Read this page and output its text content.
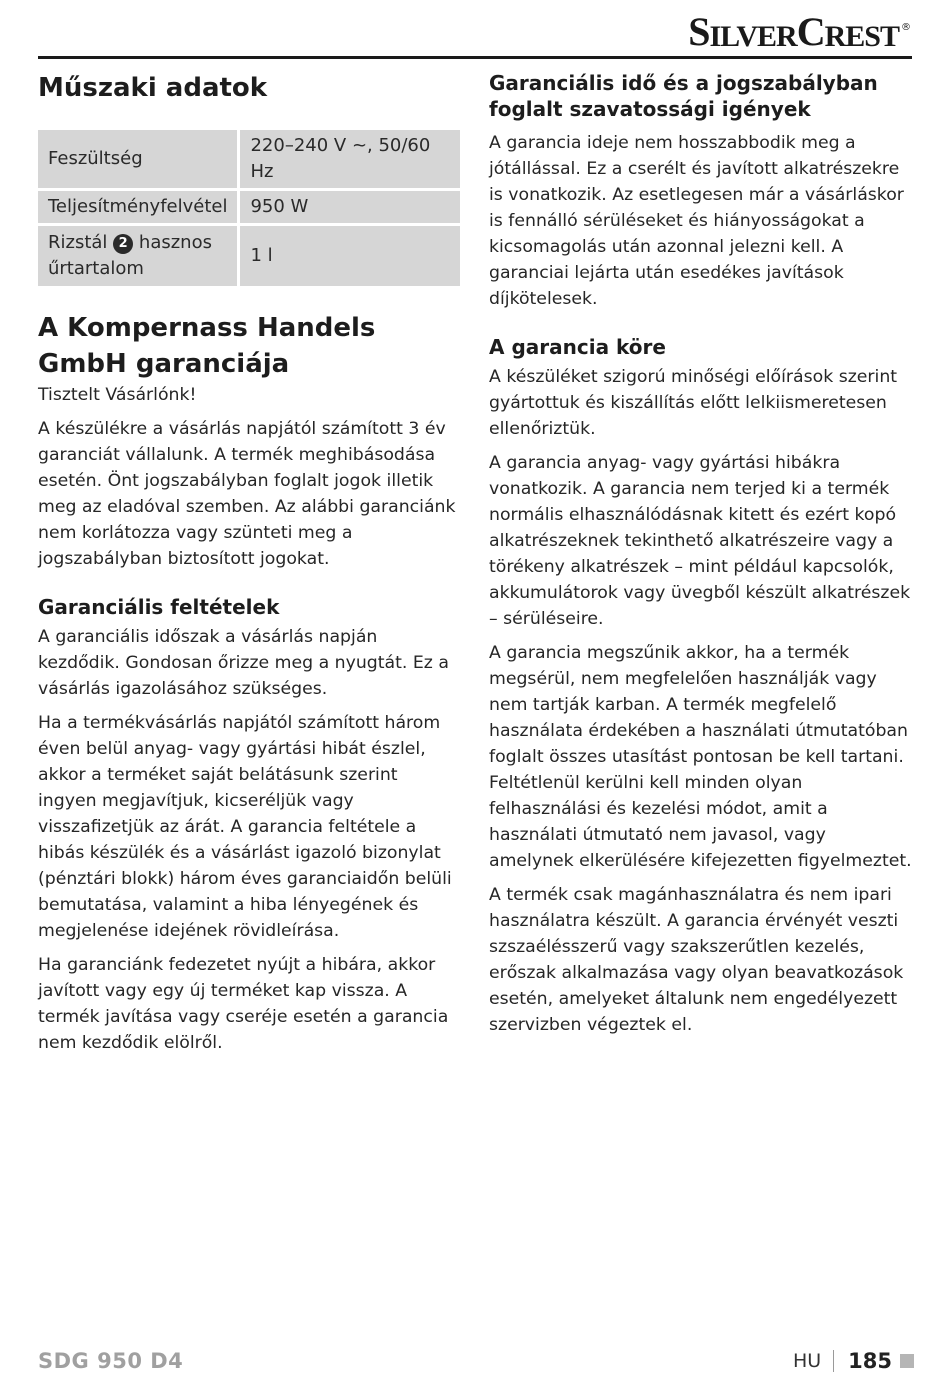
S ILVER C REST ®
Műszaki adatok
Feszültség	220–240 V ~, 50/60 Hz
Teljesítményfelvétel	950 W
Rizstál 2 hasznos űrtartalom	1 l
A Kompernass Handels GmbH garanciája

Tisztelt Vásárlónk!

A készülékre a vásárlás napjától számított 3 év garanciát vállalunk. A termék meghibásodása esetén. Önt jogszabályban foglalt jogok illetik meg az eladóval szemben. Az alábbi garanciánk nem korlátozza vagy szünteti meg a jogszabályban biztosított jogokat.

Garanciális feltételek

A garanciális időszak a vásárlás napján kezdődik. Gondosan őrizze meg a nyugtát. Ez a vásárlás igazolásához szükséges.

Ha a termékvásárlás napjától számított három éven belül anyag- vagy gyártási hibát észlel, akkor a terméket saját belátásunk szerint ingyen megjavítjuk, kicseréljük vagy visszafizetjük az árát. A garancia feltétele a hibás készülék és a vásárlást igazoló bizonylat (pénztári blokk) három éves garanciaidőn belüli bemutatása, valamint a hiba lényegének és megjelenése idejének rövidleírása.

Ha garanciánk fedezetet nyújt a hibára, akkor javított vagy egy új terméket kap vissza. A termék javítása vagy cseréje esetén a garancia nem kezdődik elölről.

Garanciális idő és a jogszabályban foglalt szavatossági igények

A garancia ideje nem hosszabbodik meg a jótállással. Ez a cserélt és javított alkatrészekre is vonatkozik. Az esetlegesen már a vásárláskor is fennálló sérüléseket és hiányosságokat a kicsomagolás után azonnal jelezni kell. A garanciai lejárta után esedékes javítások díjkötelesek.

A garancia köre

A készüléket szigorú minőségi előírások szerint gyártottuk és kiszállítás előtt lelkiismeretesen ellenőriztük.

A garancia anyag- vagy gyártási hibákra vonatkozik. A garancia nem terjed ki a termék normális elhasználódásnak kitett és ezért kopó alkatrészeknek tekinthető alkatrészeire vagy a törékeny alkatrészek – mint például kapcsolók, akkumulátorok vagy üvegből készült alkatrészek – sérüléseire.

A garancia megszűnik akkor, ha a termék megsérül, nem megfelelően használják vagy nem tartják karban. A termék megfelelő használata érdekében a használati útmutatóban foglalt összes utasítást pontosan be kell tartani. Feltétlenül kerülni kell minden olyan felhasználási és kezelési módot, amit a használati útmutató nem javasol, vagy amelynek elkerülésére kifejezetten figyelmeztet.

A termék csak magánhasználatra és nem ipari használatra készült. A garancia érvényét veszti szszaélésszerű vagy szakszerűtlen kezelés, erőszak alkalmazása vagy olyan beavatkozások esetén, amelyeket általunk nem engedélyezett szervizben végeztek el.

SDG 950 D4	HU 185
